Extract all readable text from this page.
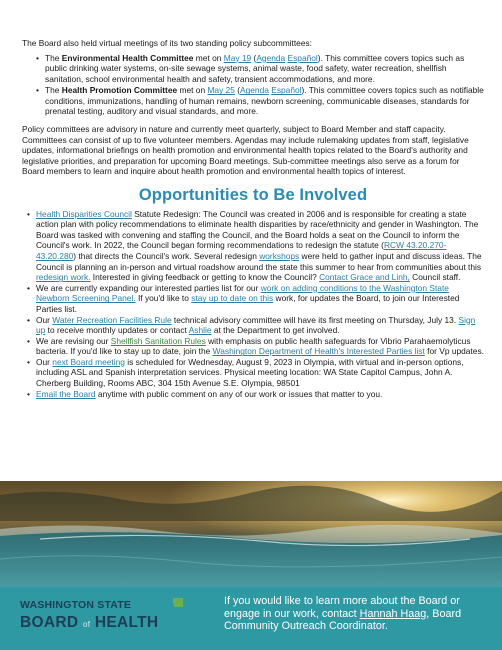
The Board also held virtual meetings of its two standing policy subcommittees:

• The Environmental Health Committee met on May 19 (Agenda Español). This committee covers topics such as public drinking water systems, on-site sewage systems, animal waste, food safety, water recreation, shellfish sanitation, school environmental health and safety, transient accommodations, and more.
• The Health Promotion Committee met on May 25 (Agenda Español). This committee covers topics such as notifiable conditions, immunizations, handling of human remains, newborn screening, communicable diseases, standards for prenatal testing, auditory and visual standards, and more.

Policy committees are advisory in nature and currently meet quarterly, subject to Board Member and staff capacity. Committees can consist of up to five volunteer members. Agendas may include rulemaking updates from staff, legislative updates, informational briefings on health promotion and environmental health topics related to the Board's authority and legislative priorities, and preparation for upcoming Board meetings. Sub-committee meetings also serve as a forum for Board members to learn and inquire about health promotion and environmental health topics of interest.

Opportunities to Be Involved
• Health Disparities Council Statute Redesign: The Council was created in 2006 and is responsible for creating a state action plan with policy recommendations to eliminate health disparities by race/ethnicity and gender in Washington. The Board was tasked with convening and staffing the Council, and the Board holds a seat on the Council to inform the Council's work. In 2022, the Council began forming recommendations to redesign the statute (RCW 43.20.270-43.20.280) that directs the Council's work. Several redesign workshops were held to gather input and discuss ideas. The Council is planning an in-person and virtual roadshow around the state this summer to hear from communities about this redesign work. Interested in giving feedback or getting to know the Council? Contact Grace and Linh, Council staff.
• We are currently expanding our interested parties list for our work on adding conditions to the Washington State Newborn Screening Panel. If you'd like to stay up to date on this work, for updates the Board, to join our Interested Parties list.
• Our Water Recreation Facilities Rule technical advisory committee will have its first meeting on Thursday, July 13. Sign up to receive monthly updates or contact Ashlie at the Department to get involved.
• We are revising our Shellfish Sanitation Rules with emphasis on public health safeguards for Vibrio Parahaemolyticus bacteria. If you'd like to stay up to date, join the Washington Department of Health's Interested Parties list for Vp updates.
• Our next Board meeting is scheduled for Wednesday, August 9, 2023 in Olympia, with virtual and in-person options, including ASL and Spanish interpretation services. Physical meeting location: WA State Capitol Campus, John A. Cherberg Building, Rooms ABC, 304 15th Avenue S.E. Olympia, 98501
• Email the Board anytime with public comment on any of our work or issues that matter to you.
WASHINGTON STATE
BOARD of HEALTH
If you would like to learn more about the Board or engage in our work, contact Hannah Haag, Board Community Outreach Coordinator.
